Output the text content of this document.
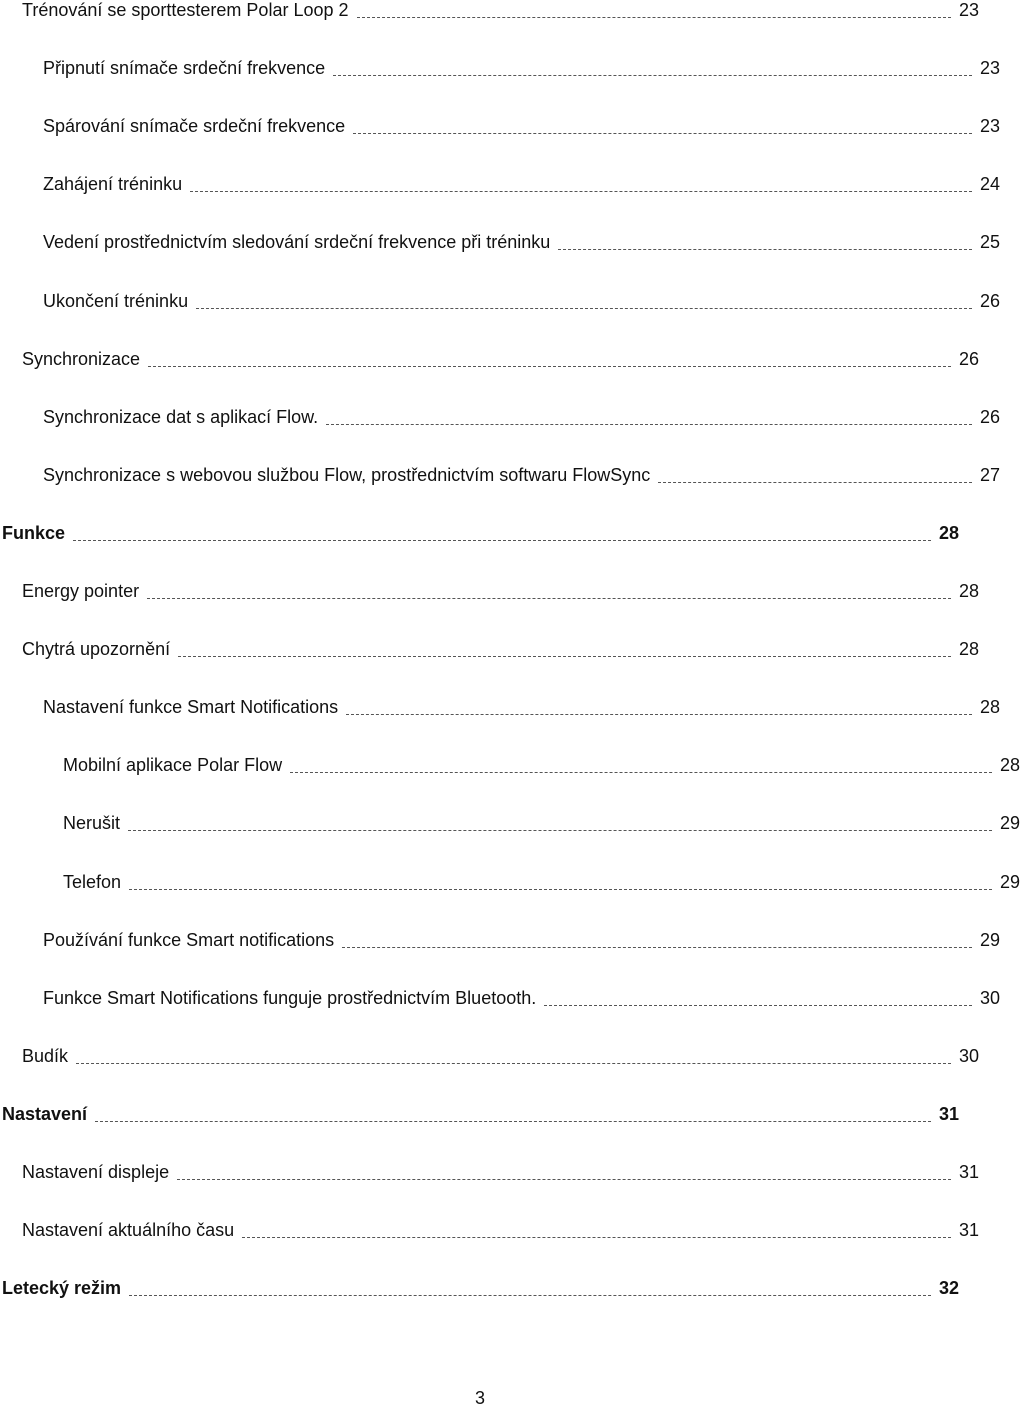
Trénování se sporttesterem Polar Loop 2	23
Připnutí snímače srdeční frekvence	23
Spárování snímače srdeční frekvence	23
Zahájení tréninku	24
Vedení prostřednictvím sledování srdeční frekvence při tréninku	25
Ukončení tréninku	26
Synchronizace	26
Synchronizace dat s aplikací Flow.	26
Synchronizace s webovou službou Flow, prostřednictvím softwaru FlowSync	27
Funkce	28
Energy pointer	28
Chytrá upozornění	28
Nastavení funkce Smart Notifications	28
Mobilní aplikace Polar Flow	28
Nerušit	29
Telefon	29
Používání funkce Smart notifications	29
Funkce Smart Notifications funguje prostřednictvím Bluetooth.	30
Budík	30
Nastavení	31
Nastavení displeje	31
Nastavení aktuálního času	31
Letecký režim	32
3
